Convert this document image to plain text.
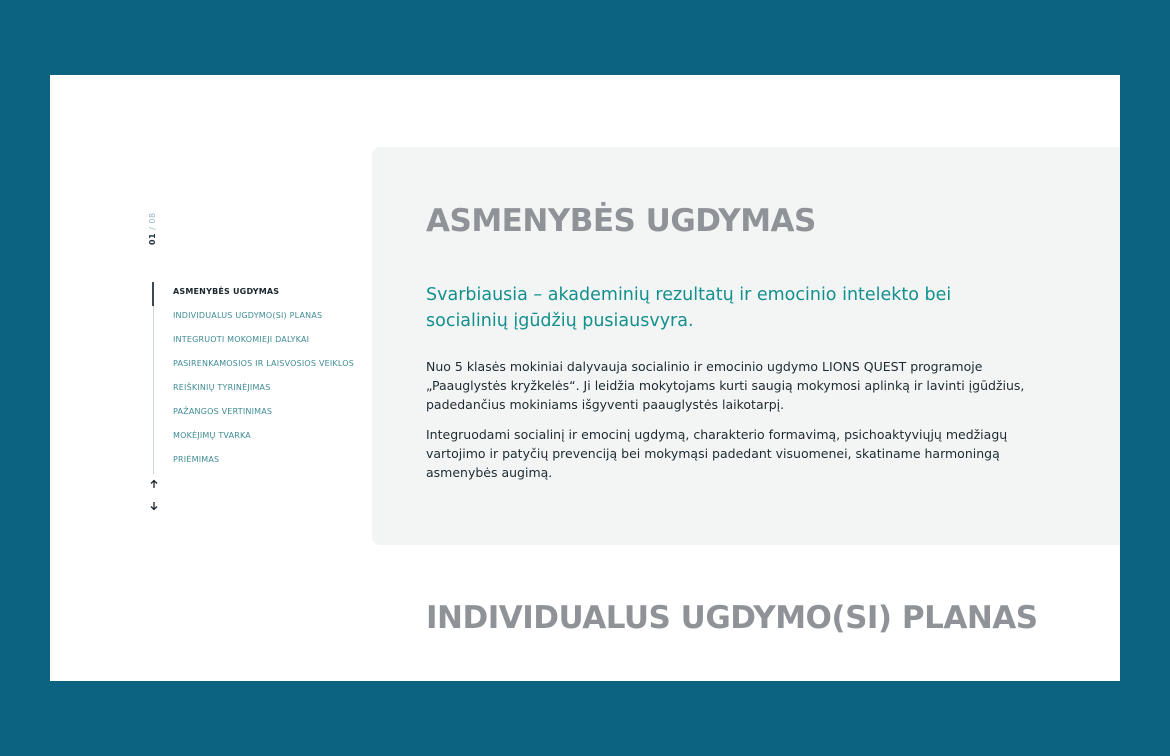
01 / 08
ASMENYBĖS UGDYMAS
INDIVIDUALUS UGDYMO(SI) PLANAS
INTEGRUOTI MOKOMIEJI DALYKAI
PASIRENKAMOSIOS IR LAISVOSIOS VEIKLOS
REIŠKINIŲ TYRINĖJIMAS
PAŽANGOS VERTINIMAS
MOKĖJIMŲ TVARKA
PRIĖMIMAS
ASMENYBĖS UGDYMAS

Svarbiausia – akademinių rezultatų ir emocinio intelekto bei socialinių įgūdžių pusiausvyra.

Nuo 5 klasės mokiniai dalyvauja socialinio ir emocinio ugdymo LIONS QUEST programoje „Paauglystės kryžkelės“. Ji leidžia mokytojams kurti saugią mokymosi aplinką ir lavinti įgūdžius, padedančius mokiniams išgyventi paauglystės laikotarpį.

Integruodami socialinį ir emocinį ugdymą, charakterio formavimą, psichoaktyviųjų medžiagų vartojimo ir patyčių prevenciją bei mokymąsi padedant visuomenei, skatiname harmoningą asmenybės augimą.

INDIVIDUALUS UGDYMO(SI) PLANAS
